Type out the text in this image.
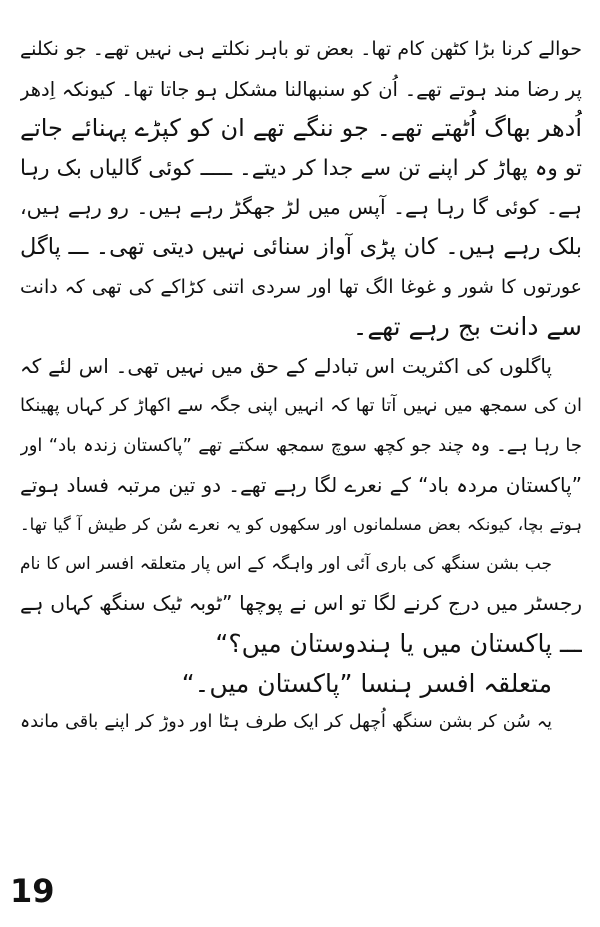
حوالے کرنا بڑا کٹھن کام تھا۔ بعض تو باہر نکلتے ہی نہیں تھے۔ جو نکلنے
پر رضا مند ہوتے تھے۔ اُن کو سنبھالنا مشکل ہو جاتا تھا۔ کیونکہ اِدھر
اُدھر بھاگ اُٹھتے تھے۔ جو ننگے تھے ان کو کپڑے پہنائے جاتے
تو وہ پھاڑ کر اپنے تن سے جدا کر دیتے۔ ـــــ کوئی گالیاں بک رہا
ہے۔ کوئی گا رہا ہے۔ آپس میں لڑ جھگڑ رہے ہیں۔ رو رہے ہیں،
بلک رہے ہیں۔ کان پڑی آواز سنائی نہیں دیتی تھی۔ ـــ پاگل
عورتوں کا شور و غوغا الگ تھا اور سردی اتنی کڑاکے کی تھی کہ دانت
سے دانت بج رہے تھے۔
پاگلوں کی اکثریت اس تبادلے کے حق میں نہیں تھی۔ اس لئے کہ
ان کی سمجھ میں نہیں آتا تھا کہ انہیں اپنی جگہ سے اکھاڑ کر کہاں پھینکا
جا رہا ہے۔ وہ چند جو کچھ سوچ سمجھ سکتے تھے ”پاکستان زندہ باد“ اور
”پاکستان مردہ باد“ کے نعرے لگا رہے تھے۔ دو تین مرتبہ فساد ہوتے
ہوتے بچا، کیونکہ بعض مسلمانوں اور سکھوں کو یہ نعرے سُن کر طیش آ گیا تھا۔
جب بشن سنگھ کی باری آئی اور واہگہ کے اس پار متعلقہ افسر اس کا نام
رجسٹر میں درج کرنے لگا تو اس نے پوچھا ”ٹوبہ ٹیک سنگھ کہاں ہے
ـــ پاکستان میں یا ہندوستان میں؟“
متعلقہ افسر ہنسا ”پاکستان میں۔“
یہ سُن کر بشن سنگھ اُچھل کر ایک طرف ہٹا اور دوڑ کر اپنے باقی ماندہ
19
